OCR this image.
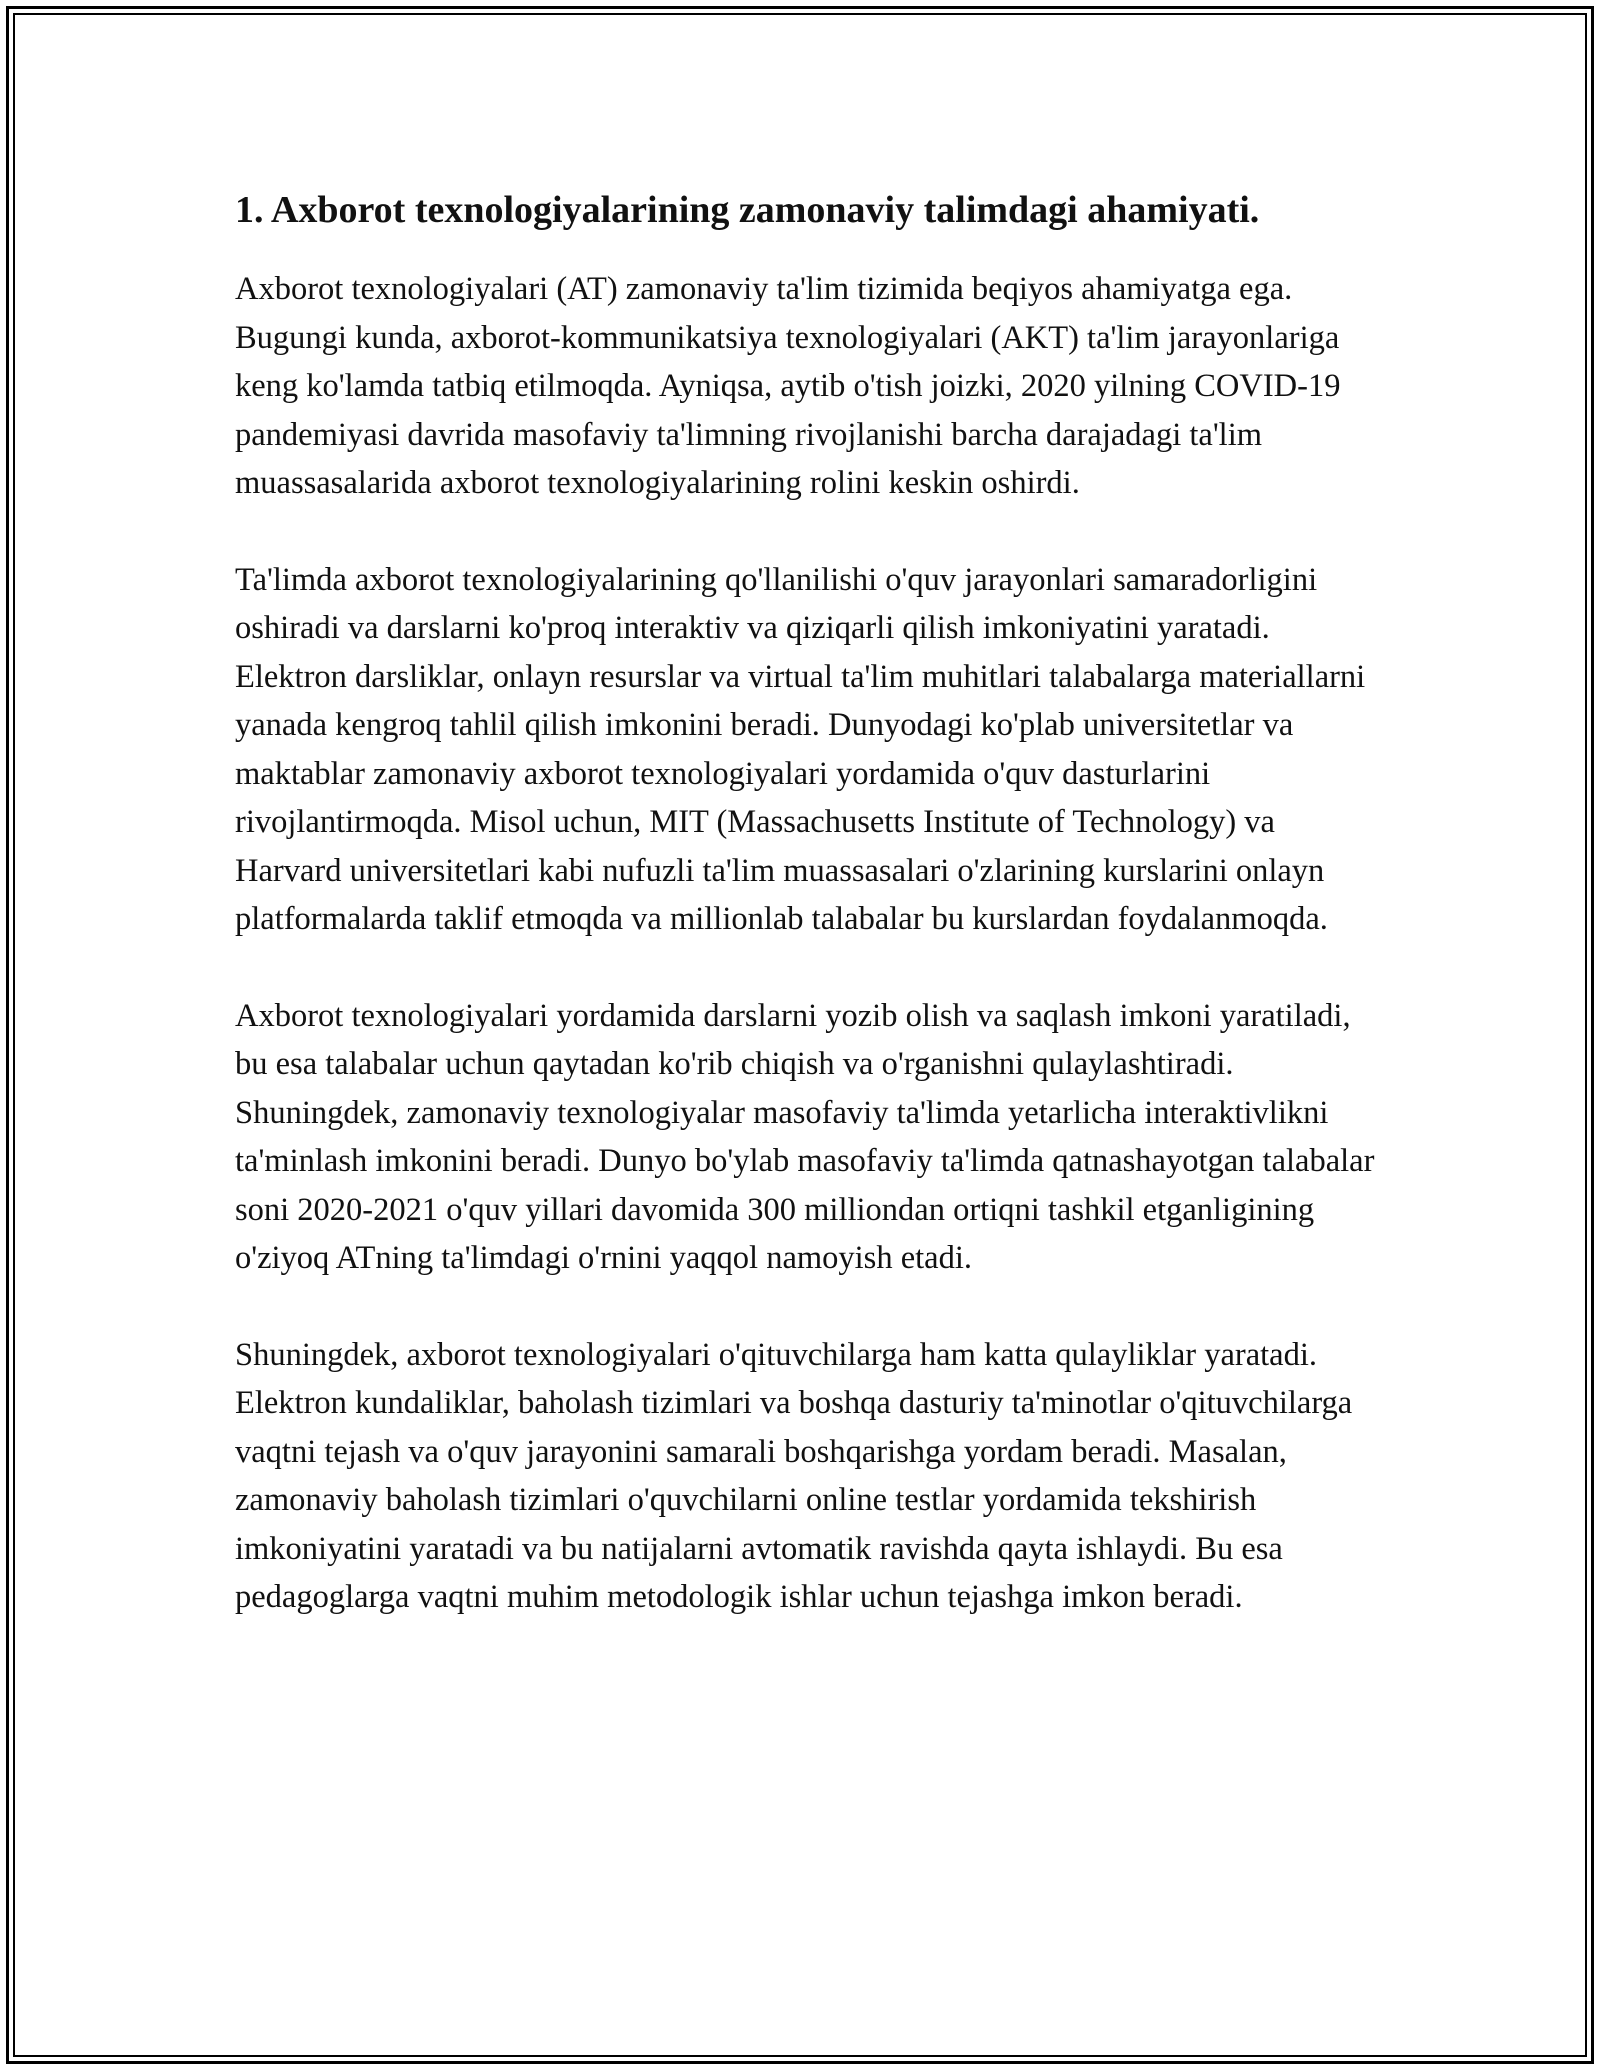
1. Axborot texnologiyalarining zamonaviy talimdagi ahamiyati.

Axborot texnologiyalari (AT) zamonaviy ta'lim tizimida beqiyos ahamiyatga ega. Bugungi kunda, axborot-kommunikatsiya texnologiyalari (AKT) ta'lim jarayonlariga keng ko'lamda tatbiq etilmoqda. Ayniqsa, aytib o'tish joizki, 2020 yilning COVID-19 pandemiyasi davrida masofaviy ta'limning rivojlanishi barcha darajadagi ta'lim muassasalarida axborot texnologiyalarining rolini keskin oshirdi.

Ta'limda axborot texnologiyalarining qo'llanilishi o'quv jarayonlari samaradorligini oshiradi va darslarni ko'proq interaktiv va qiziqarli qilish imkoniyatini yaratadi. Elektron darsliklar, onlayn resurslar va virtual ta'lim muhitlari talabalarga materiallarni yanada kengroq tahlil qilish imkonini beradi. Dunyodagi ko'plab universitetlar va maktablar zamonaviy axborot texnologiyalari yordamida o'quv dasturlarini rivojlantirmoqda. Misol uchun, MIT (Massachusetts Institute of Technology) va Harvard universitetlari kabi nufuzli ta'lim muassasalari o'zlarining kurslarini onlayn platformalarda taklif etmoqda va millionlab talabalar bu kurslardan foydalanmoqda.

Axborot texnologiyalari yordamida darslarni yozib olish va saqlash imkoni yaratiladi, bu esa talabalar uchun qaytadan ko'rib chiqish va o'rganishni qulaylashtiradi. Shuningdek, zamonaviy texnologiyalar masofaviy ta'limda yetarlicha interaktivlikni ta'minlash imkonini beradi. Dunyo bo'ylab masofaviy ta'limda qatnashayotgan talabalar soni 2020-2021 o'quv yillari davomida 300 milliondan ortiqni tashkil etganligining o'ziyoq ATning ta'limdagi o'rnini yaqqol namoyish etadi.

Shuningdek, axborot texnologiyalari o'qituvchilarga ham katta qulayliklar yaratadi. Elektron kundaliklar, baholash tizimlari va boshqa dasturiy ta'minotlar o'qituvchilarga vaqtni tejash va o'quv jarayonini samarali boshqarishga yordam beradi. Masalan, zamonaviy baholash tizimlari o'quvchilarni online testlar yordamida tekshirish imkoniyatini yaratadi va bu natijalarni avtomatik ravishda qayta ishlaydi. Bu esa pedagoglarga vaqtni muhim metodologik ishlar uchun tejashga imkon beradi.
